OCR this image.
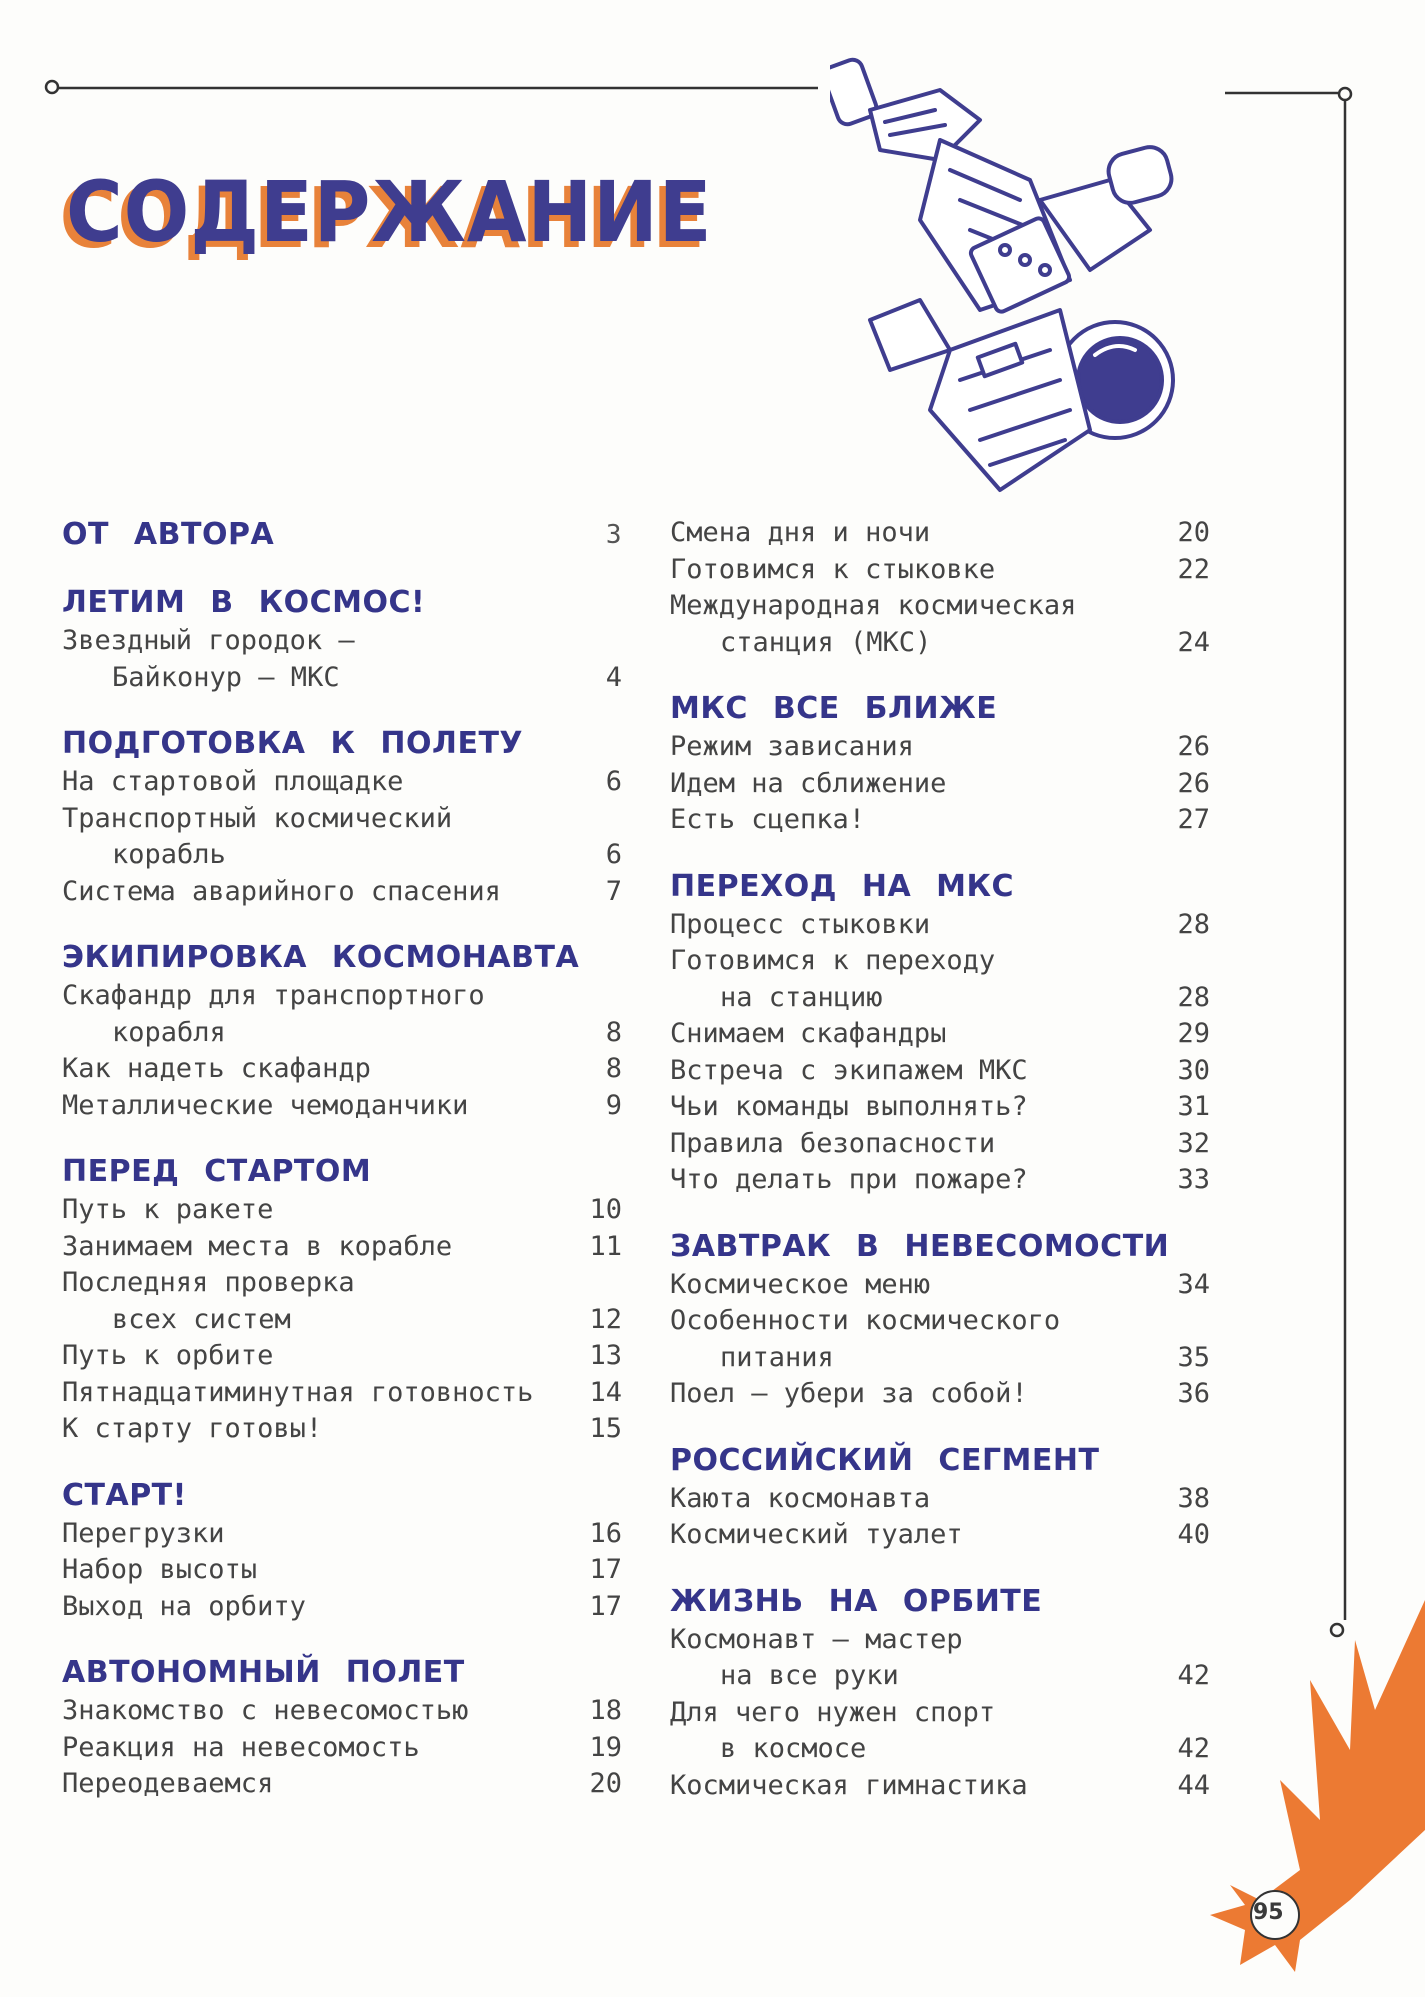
СОДЕРЖАНИЕ
95
ОТ АВТОРА	3
ЛЕТИМ В КОСМОС!
Звездный городок –
Байконур – МКС	4
ПОДГОТОВКА К ПОЛЕТУ
На стартовой площадке	6
Транспортный космический
корабль	6
Система аварийного спасения	7
ЭКИПИРОВКА КОСМОНАВТА
Скафандр для транспортного
корабля	8
Как надеть скафандр	8
Металлические чемоданчики	9
ПЕРЕД СТАРТОМ
Путь к ракете	10
Занимаем места в корабле	11
Последняя проверка
всех систем	12
Путь к орбите	13
Пятнадцатиминутная готовность	14
К старту готовы!	15
СТАРТ!
Перегрузки	16
Набор высоты	17
Выход на орбиту	17
АВТОНОМНЫЙ ПОЛЕТ
Знакомство с невесомостью	18
Реакция на невесомость	19
Переодеваемся	20
Смена дня и ночи	20
Готовимся к стыковке	22
Международная космическая
станция (МКС)	24
МКС ВСЕ БЛИЖЕ
Режим зависания	26
Идем на сближение	26
Есть сцепка!	27
ПЕРЕХОД НА МКС
Процесс стыковки	28
Готовимся к переходу
на станцию	28
Снимаем скафандры	29
Встреча с экипажем МКС	30
Чьи команды выполнять?	31
Правила безопасности	32
Что делать при пожаре?	33
ЗАВТРАК В НЕВЕСОМОСТИ
Космическое меню	34
Особенности космического
питания	35
Поел – убери за собой!	36
РОССИЙСКИЙ СЕГМЕНТ
Каюта космонавта	38
Космический туалет	40
ЖИЗНЬ НА ОРБИТЕ
Космонавт – мастер
на все руки	42
Для чего нужен спорт
в космосе	42
Космическая гимнастика	44
